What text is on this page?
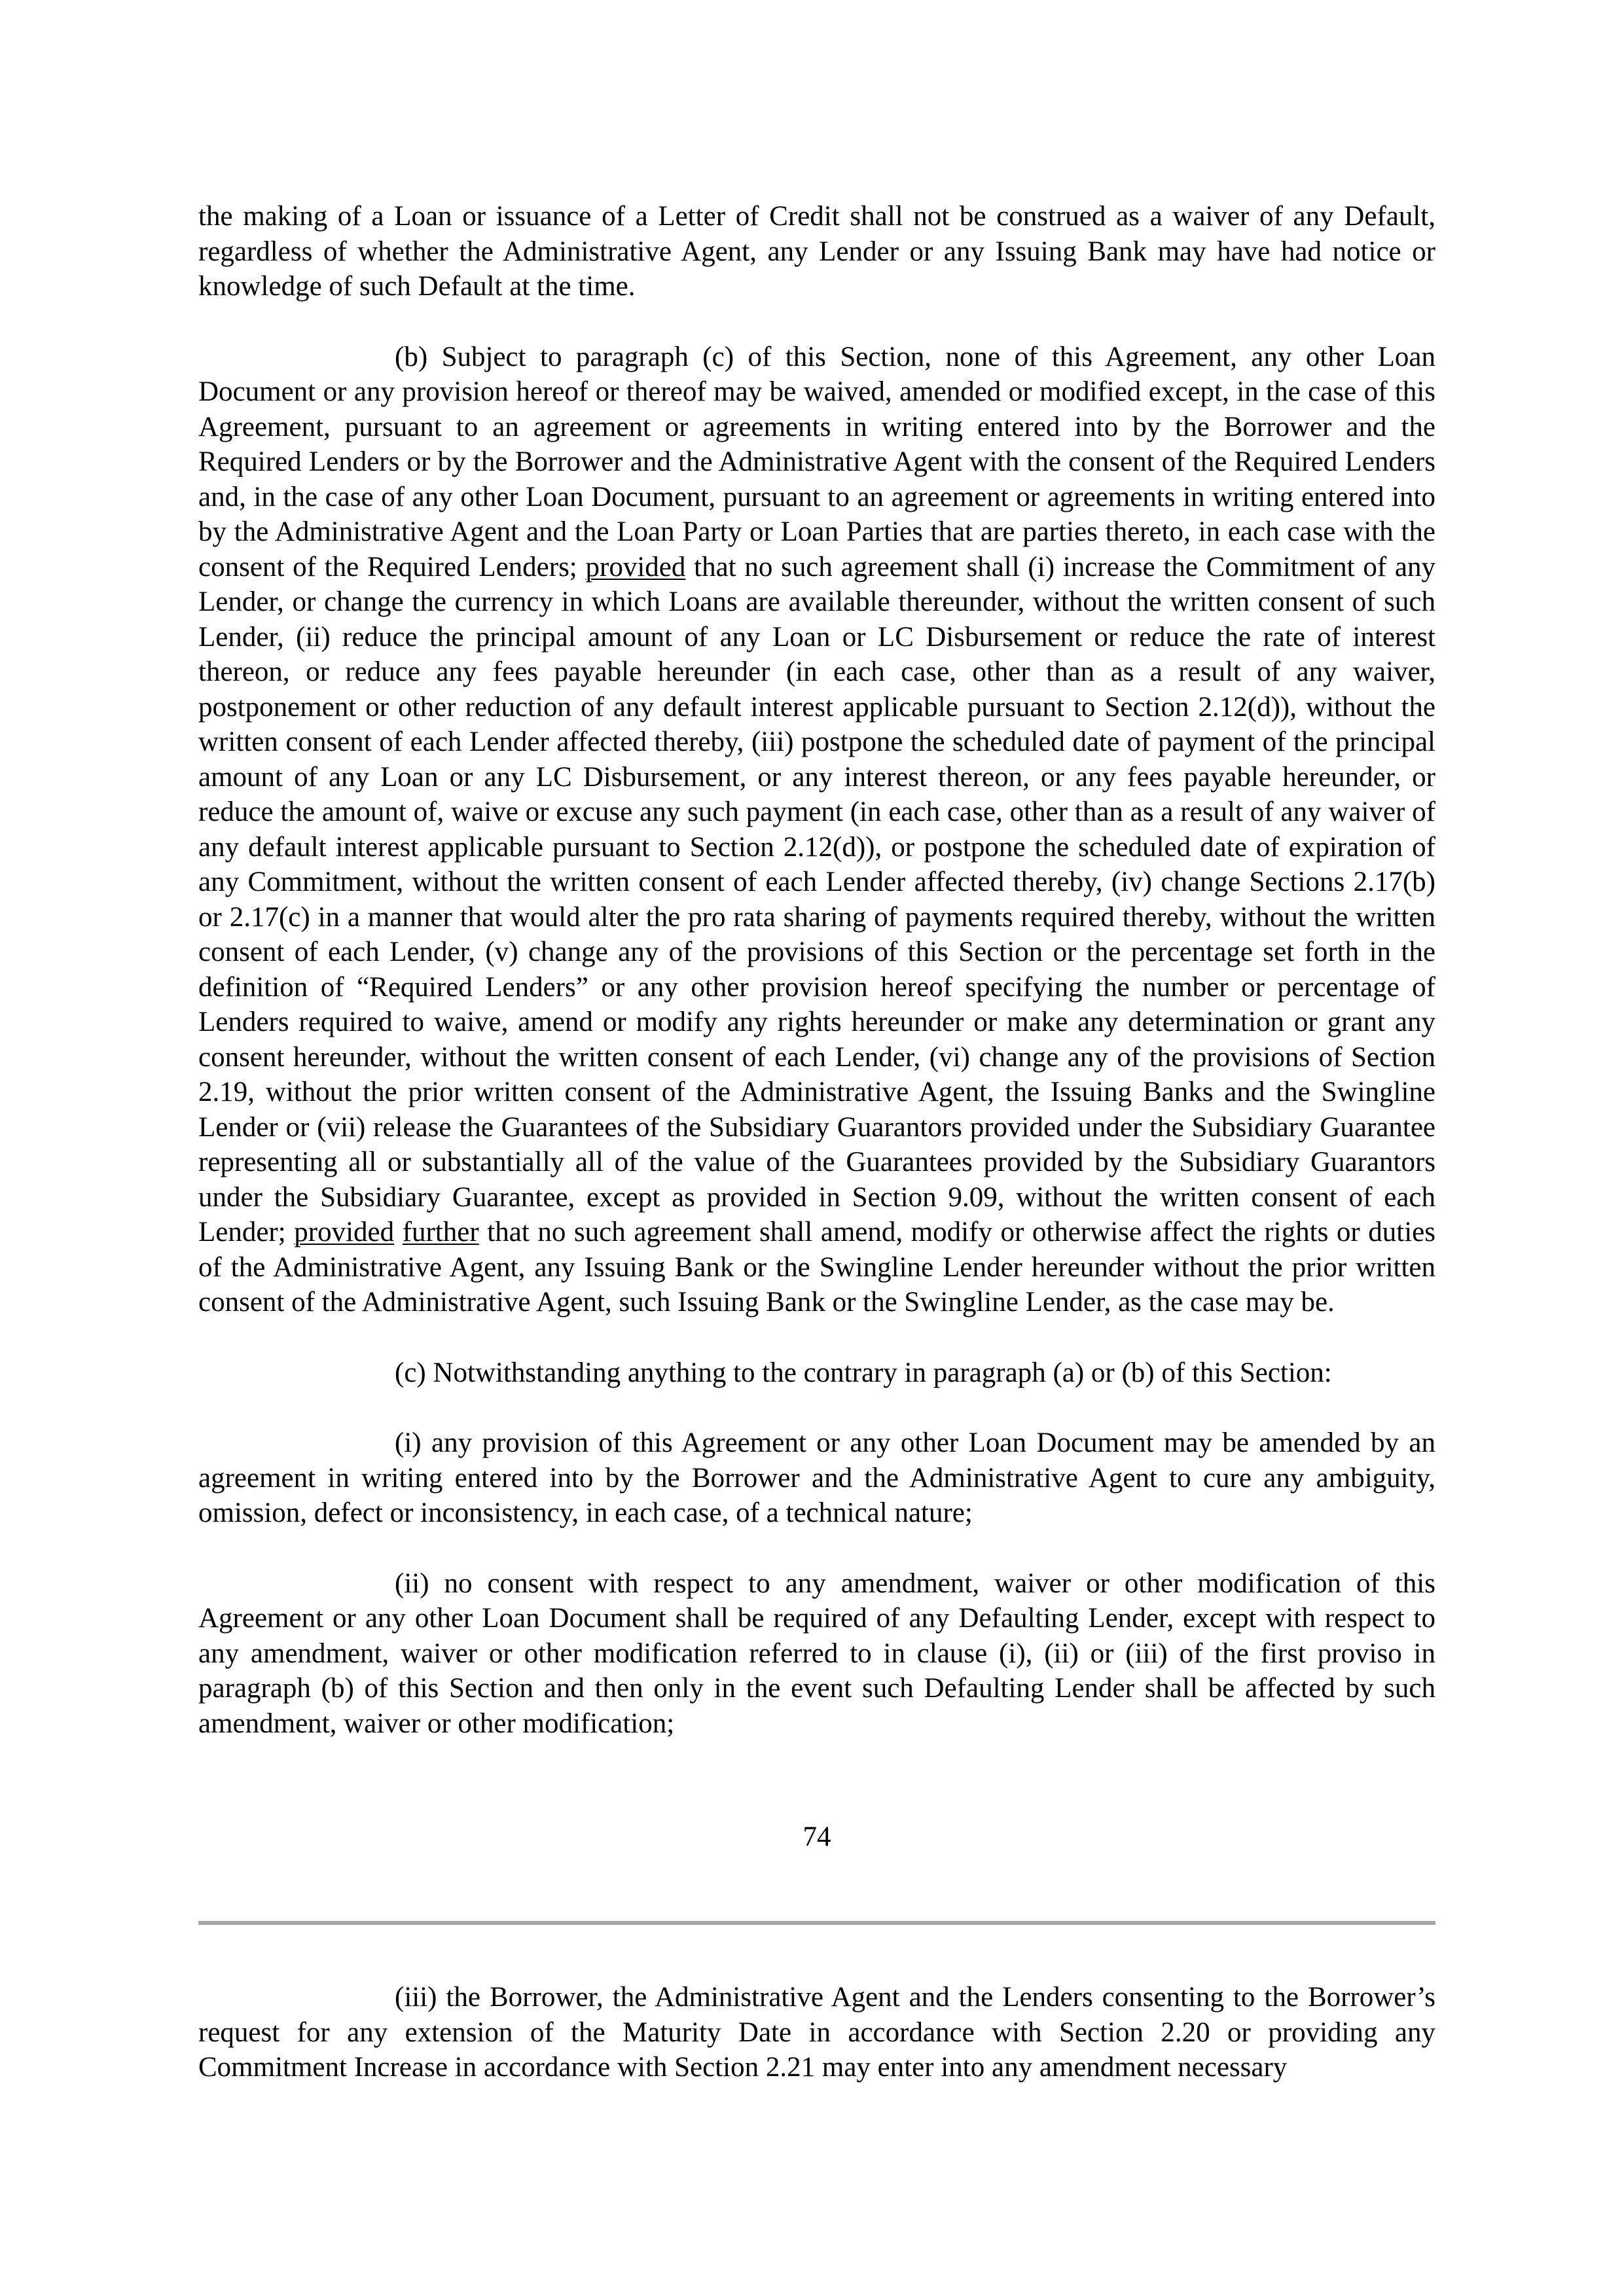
the making of a Loan or issuance of a Letter of Credit shall not be construed as a waiver of any Default, regardless of whether the Administrative Agent, any Lender or any Issuing Bank may have had notice or knowledge of such Default at the time.

(b) Subject to paragraph (c) of this Section, none of this Agreement, any other Loan Document or any provision hereof or thereof may be waived, amended or modified except, in the case of this Agreement, pursuant to an agreement or agreements in writing entered into by the Borrower and the Required Lenders or by the Borrower and the Administrative Agent with the consent of the Required Lenders and, in the case of any other Loan Document, pursuant to an agreement or agreements in writing entered into by the Administrative Agent and the Loan Party or Loan Parties that are parties thereto, in each case with the consent of the Required Lenders; provided that no such agreement shall (i) increase the Commitment of any Lender, or change the currency in which Loans are available thereunder, without the written consent of such Lender, (ii) reduce the principal amount of any Loan or LC Disbursement or reduce the rate of interest thereon, or reduce any fees payable hereunder (in each case, other than as a result of any waiver, postponement or other reduction of any default interest applicable pursuant to Section 2.12(d)), without the written consent of each Lender affected thereby, (iii) postpone the scheduled date of payment of the principal amount of any Loan or any LC Disbursement, or any interest thereon, or any fees payable hereunder, or reduce the amount of, waive or excuse any such payment (in each case, other than as a result of any waiver of any default interest applicable pursuant to Section 2.12(d)), or postpone the scheduled date of expiration of any Commitment, without the written consent of each Lender affected thereby, (iv) change Sections 2.17(b) or 2.17(c) in a manner that would alter the pro rata sharing of payments required thereby, without the written consent of each Lender, (v) change any of the provisions of this Section or the percentage set forth in the definition of “Required Lenders” or any other provision hereof specifying the number or percentage of Lenders required to waive, amend or modify any rights hereunder or make any determination or grant any consent hereunder, without the written consent of each Lender, (vi) change any of the provisions of Section 2.19, without the prior written consent of the Administrative Agent, the Issuing Banks and the Swingline Lender or (vii) release the Guarantees of the Subsidiary Guarantors provided under the Subsidiary Guarantee representing all or substantially all of the value of the Guarantees provided by the Subsidiary Guarantors under the Subsidiary Guarantee, except as provided in Section 9.09, without the written consent of each Lender; provided further that no such agreement shall amend, modify or otherwise affect the rights or duties of the Administrative Agent, any Issuing Bank or the Swingline Lender hereunder without the prior written consent of the Administrative Agent, such Issuing Bank or the Swingline Lender, as the case may be.

(c) Notwithstanding anything to the contrary in paragraph (a) or (b) of this Section:

(i) any provision of this Agreement or any other Loan Document may be amended by an agreement in writing entered into by the Borrower and the Administrative Agent to cure any ambiguity, omission, defect or inconsistency, in each case, of a technical nature;

(ii) no consent with respect to any amendment, waiver or other modification of this Agreement or any other Loan Document shall be required of any Defaulting Lender, except with respect to any amendment, waiver or other modification referred to in clause (i), (ii) or (iii) of the first proviso in paragraph (b) of this Section and then only in the event such Defaulting Lender shall be affected by such amendment, waiver or other modification;

74

(iii) the Borrower, the Administrative Agent and the Lenders consenting to the Borrower’s request for any extension of the Maturity Date in accordance with Section 2.20 or providing any Commitment Increase in accordance with Section 2.21 may enter into any amendment necessary
